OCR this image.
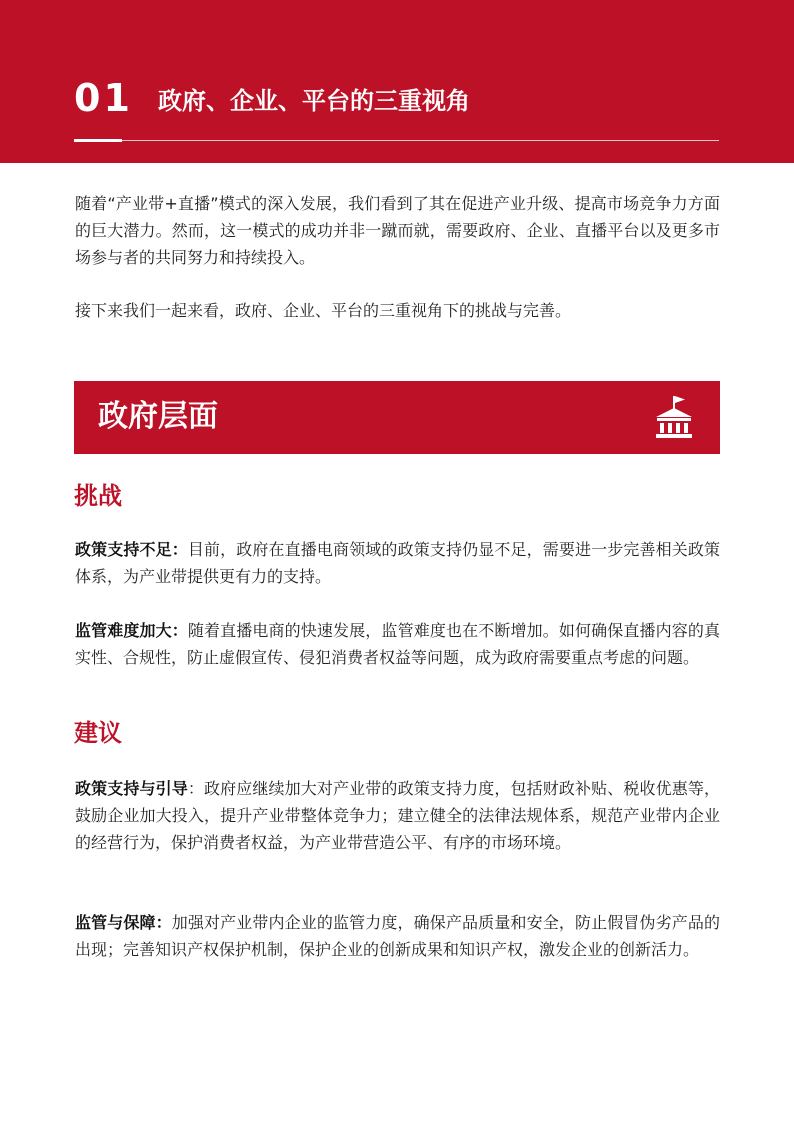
01 政府、企业、平台的三重视角

随着“产业带+直播”模式的深入发展，我们看到了其在促进产业升级、提高市场竞争力方面的巨大潜力。然而，这一模式的成功并非一蹴而就，需要政府、企业、直播平台以及更多市场参与者的共同努力和持续投入。

接下来我们一起来看，政府、企业、平台的三重视角下的挑战与完善。

政府层面
挑战

政策支持不足：目前，政府在直播电商领域的政策支持仍显不足，需要进一步完善相关政策体系，为产业带提供更有力的支持。

监管难度加大：随着直播电商的快速发展，监管难度也在不断增加。如何确保直播内容的真实性、合规性，防止虚假宣传、侵犯消费者权益等问题，成为政府需要重点考虑的问题。

建议

政策支持与引导：政府应继续加大对产业带的政策支持力度，包括财政补贴、税收优惠等，鼓励企业加大投入，提升产业带整体竞争力；建立健全的法律法规体系，规范产业带内企业的经营行为，保护消费者权益，为产业带营造公平、有序的市场环境。

监管与保障：加强对产业带内企业的监管力度，确保产品质量和安全，防止假冒伪劣产品的出现；完善知识产权保护机制，保护企业的创新成果和知识产权，激发企业的创新活力。
